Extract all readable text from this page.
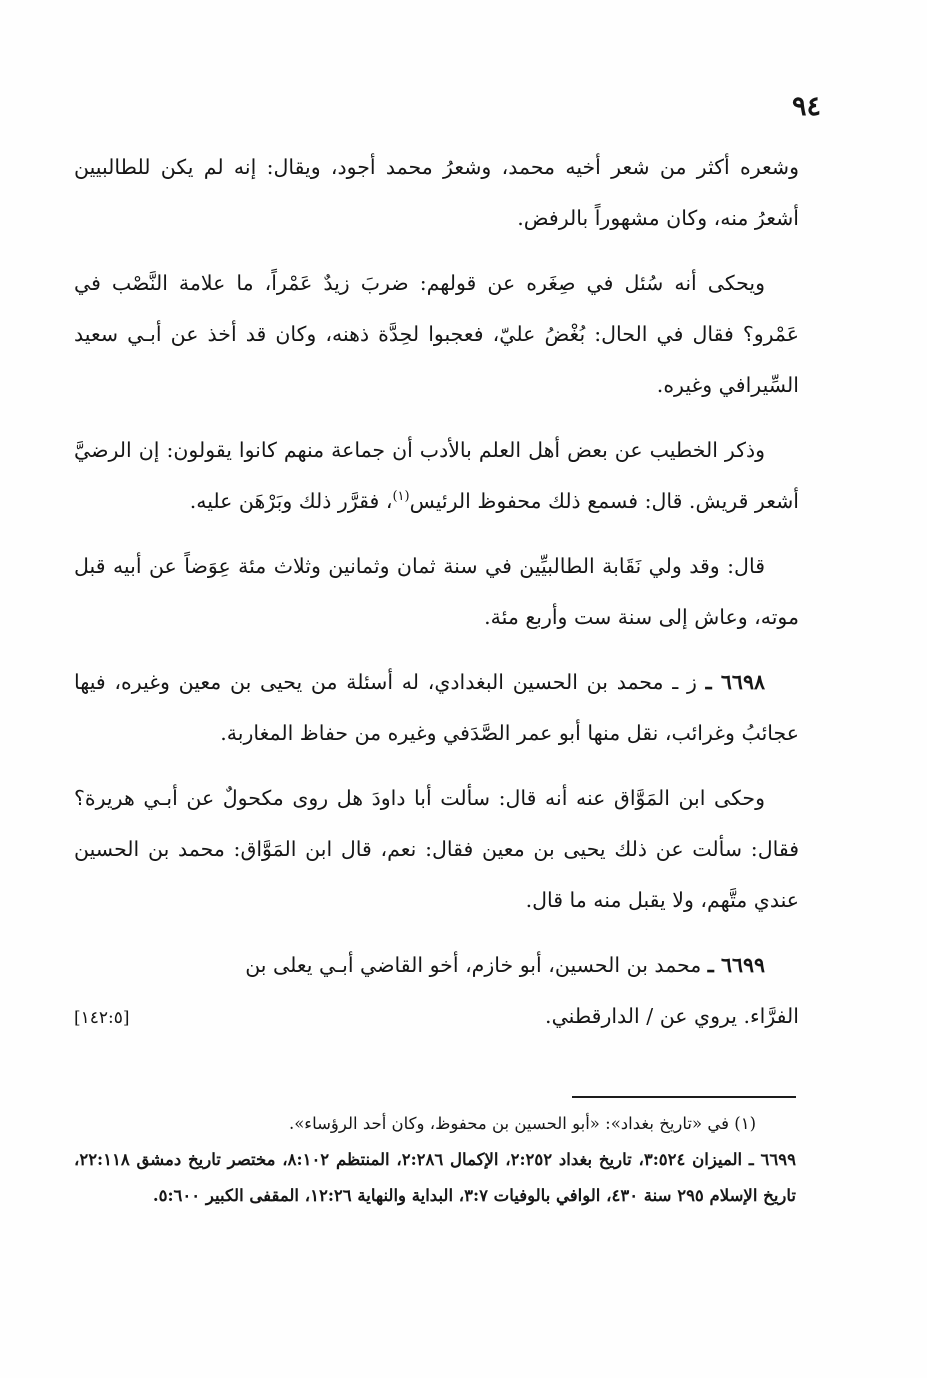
٩٤

وشعره أكثر من شعر أخيه محمد، وشعرُ محمد أجود، ويقال: إنه لم يكن للطالبيين أشعرُ منه، وكان مشهوراً بالرفض.

ويحكى أنه سُئل في صِغَره عن قولهم: ضربَ زيدٌ عَمْراً، ما علامة النَّصْب في عَمْرو؟ فقال في الحال: بُغْضُ عليّ، فعجبوا لحِدَّة ذهنه، وكان قد أخذ عن أبـي سعيد السِّيرافي وغيره.

وذكر الخطيب عن بعض أهل العلم بالأدب أن جماعة منهم كانوا يقولون: إن الرضيَّ أشعر قريش. قال: فسمع ذلك محفوظ الرئيس$^{(١)}$، فقرَّر ذلك وبَرْهَن عليه.

قال: وقد ولي نَقَابة الطالبيِّين في سنة ثمان وثمانين وثلاث مئة عِوَضاً عن أبيه قبل موته، وعاش إلى سنة ست وأربع مئة.

٦٦٩٨ ـ ز ـ محمد بن الحسين البغدادي، له أسئلة من يحيى بن معين وغيره، فيها عجائبُ وغرائب، نقل منها أبو عمر الصَّدَفي وغيره من حفاظ المغاربة.

وحكى ابن المَوَّاق عنه أنه قال: سألت أبا داودَ هل روى مكحولٌ عن أبـي هريرة؟ فقال: سألت عن ذلك يحيى بن معين فقال: نعم، قال ابن المَوَّاق: محمد بن الحسين عندي متَّهم، ولا يقبل منه ما قال.

٦٦٩٩ ـ محمد بن الحسين، أبو خازم، أخو القاضي أبـي يعلى بن
الفرَّاء. يروي عن / الدارقطني.
[١٤٢:٥]

(١) في «تاريخ بغداد»: «أبو الحسين بن محفوظ، وكان أحد الرؤساء».

٦٦٩٩ ـ الميزان ٣:٥٢٤، تاريخ بغداد ٢:٢٥٢، الإكمال ٢:٢٨٦، المنتظم ٨:١٠٢، مختصر تاريخ دمشق ٢٢:١١٨، تاريخ الإسلام ٢٩٥ سنة ٤٣٠، الوافي بالوفيات ٣:٧، البداية والنهاية ١٢:٢٦، المقفى الكبير ٥:٦٠٠.
